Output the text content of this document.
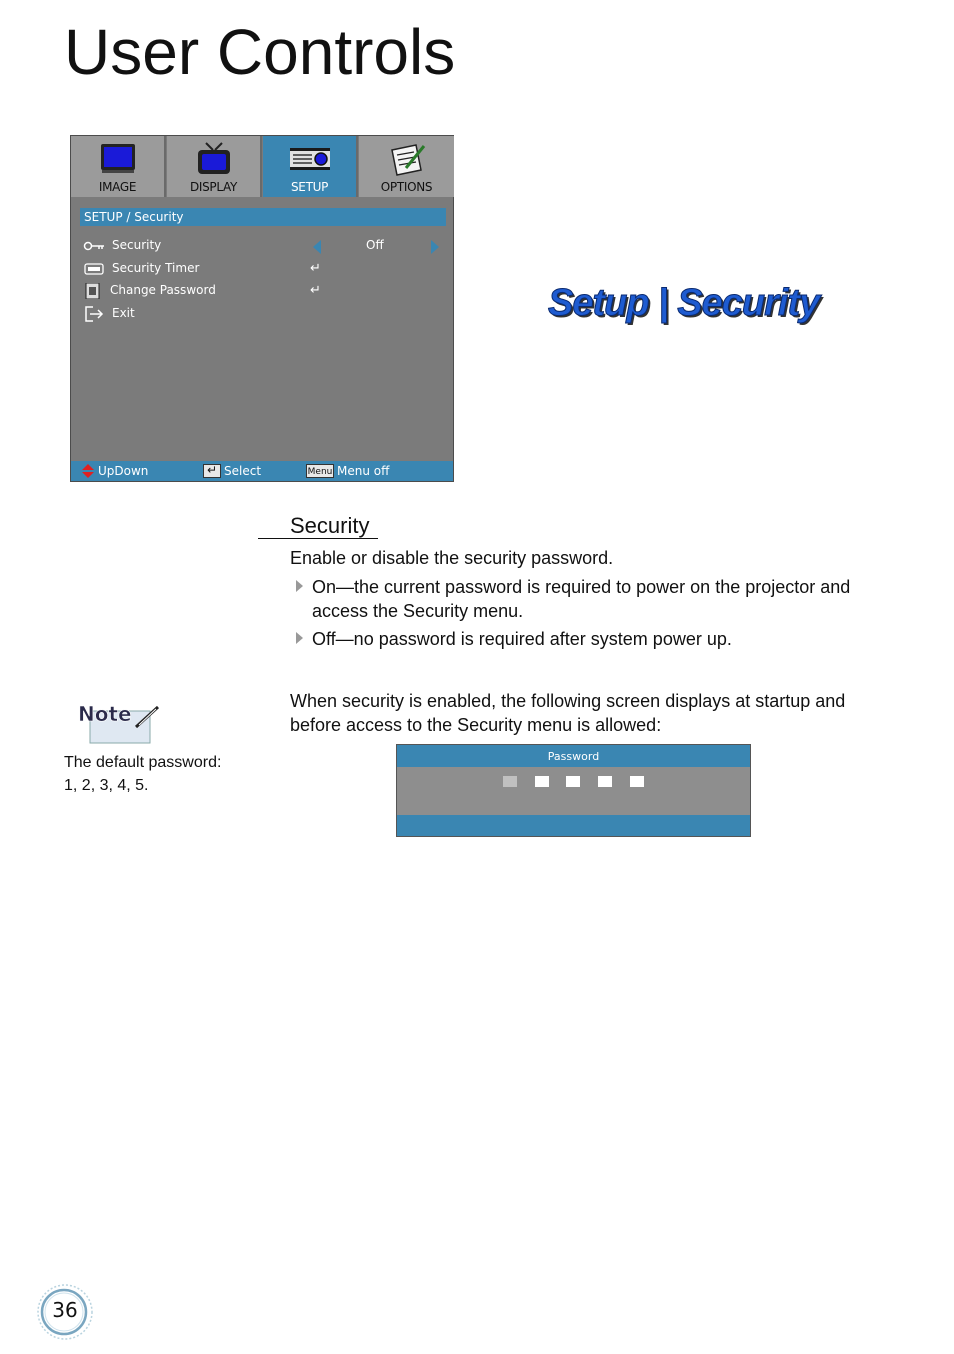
User Controls
IMAGE	DISPLAY	SETUP	OPTIONS
SETUP / Security
Security	Off
Security Timer	↵
Change Password	↵
Exit
UpDown	↵ Select	Menu Menu off
Setup | Security
Security
Enable or disable the security password.
On—the current password is required to power on the projector and access the Security menu.
Off—no password is required after system power up.
When security is enabled, the following screen displays at startup and before access to the Security menu is allowed:
Note
The default password:
1, 2, 3, 4, 5.
Password
36
